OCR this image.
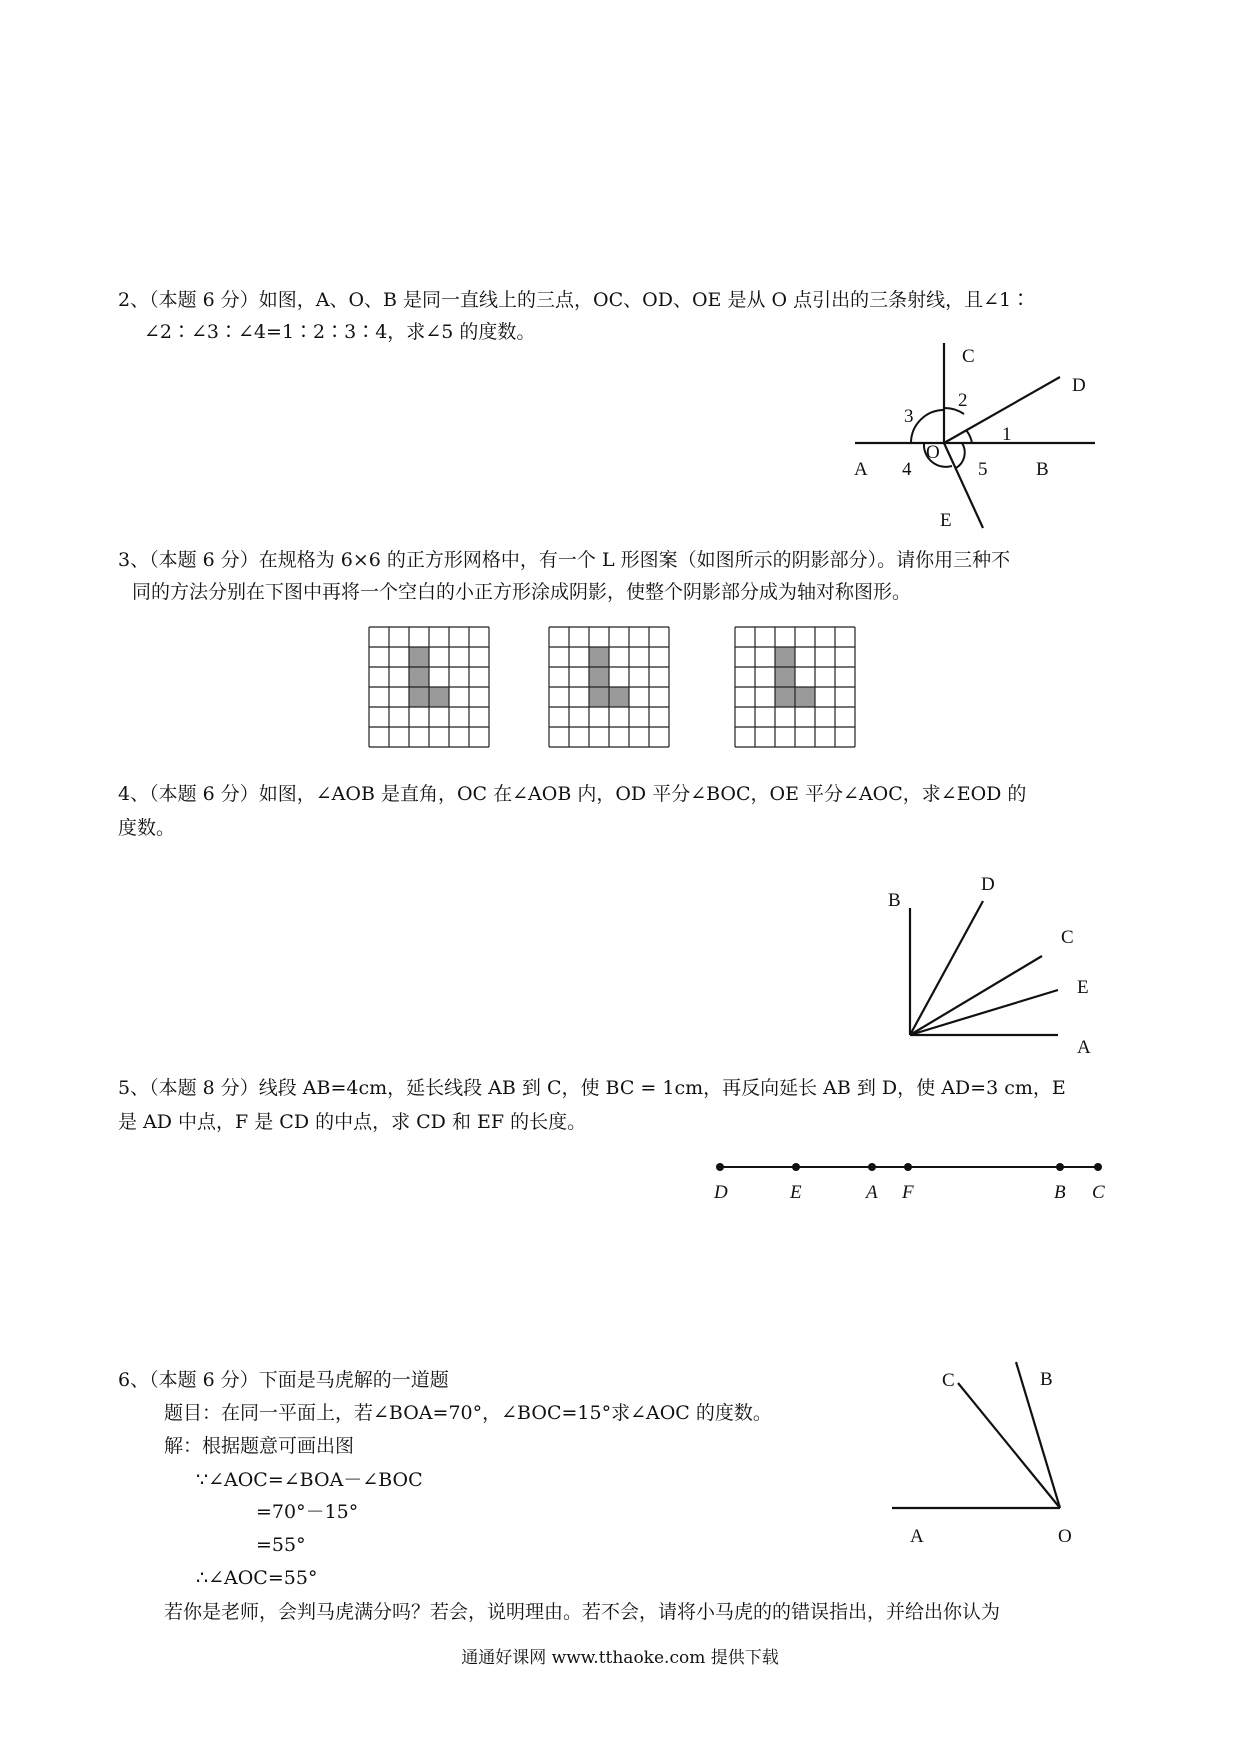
2、（本题 6 分）如图，A、O、B 是同一直线上的三点，OC、OD、OE 是从 O 点引出的三条射线，且∠1∶
∠2∶∠3∶∠4=1∶2∶3∶4，求∠5 的度数。
C
D
2
3
1
O
A 4	5	B
E
3、（本题 6 分）在规格为 6×6 的正方形网格中，有一个 L 形图案（如图所示的阴影部分）。请你用三种不
同的方法分别在下图中再将一个空白的小正方形涂成阴影，使整个阴影部分成为轴对称图形。
4、（本题 6 分）如图，∠AOB 是直角，OC 在∠AOB 内，OD 平分∠BOC，OE 平分∠AOC，求∠EOD 的
度数。
B
D
C
E
A
5、（本题 8 分）线段 AB=4cm，延长线段 AB 到 C，使 BC = 1cm，再反向延长 AB 到 D，使 AD=3 cm，E
是 AD 中点，F 是 CD 的中点，求 CD 和 EF 的长度。
D	E	A F	B C
6、（本题 6 分）下面是马虎解的一道题
题目：在同一平面上，若∠BOA=70°，∠BOC=15°求∠AOC 的度数。
解：根据题意可画出图
∵∠AOC=∠BOA－∠BOC
=70°－15°
=55°
∴∠AOC=55°
若你是老师，会判马虎满分吗？若会，说明理由。若不会，请将小马虎的的错误指出，并给出你认为
C	B
A	O
通通好课网 www.tthaoke.com 提供下载
